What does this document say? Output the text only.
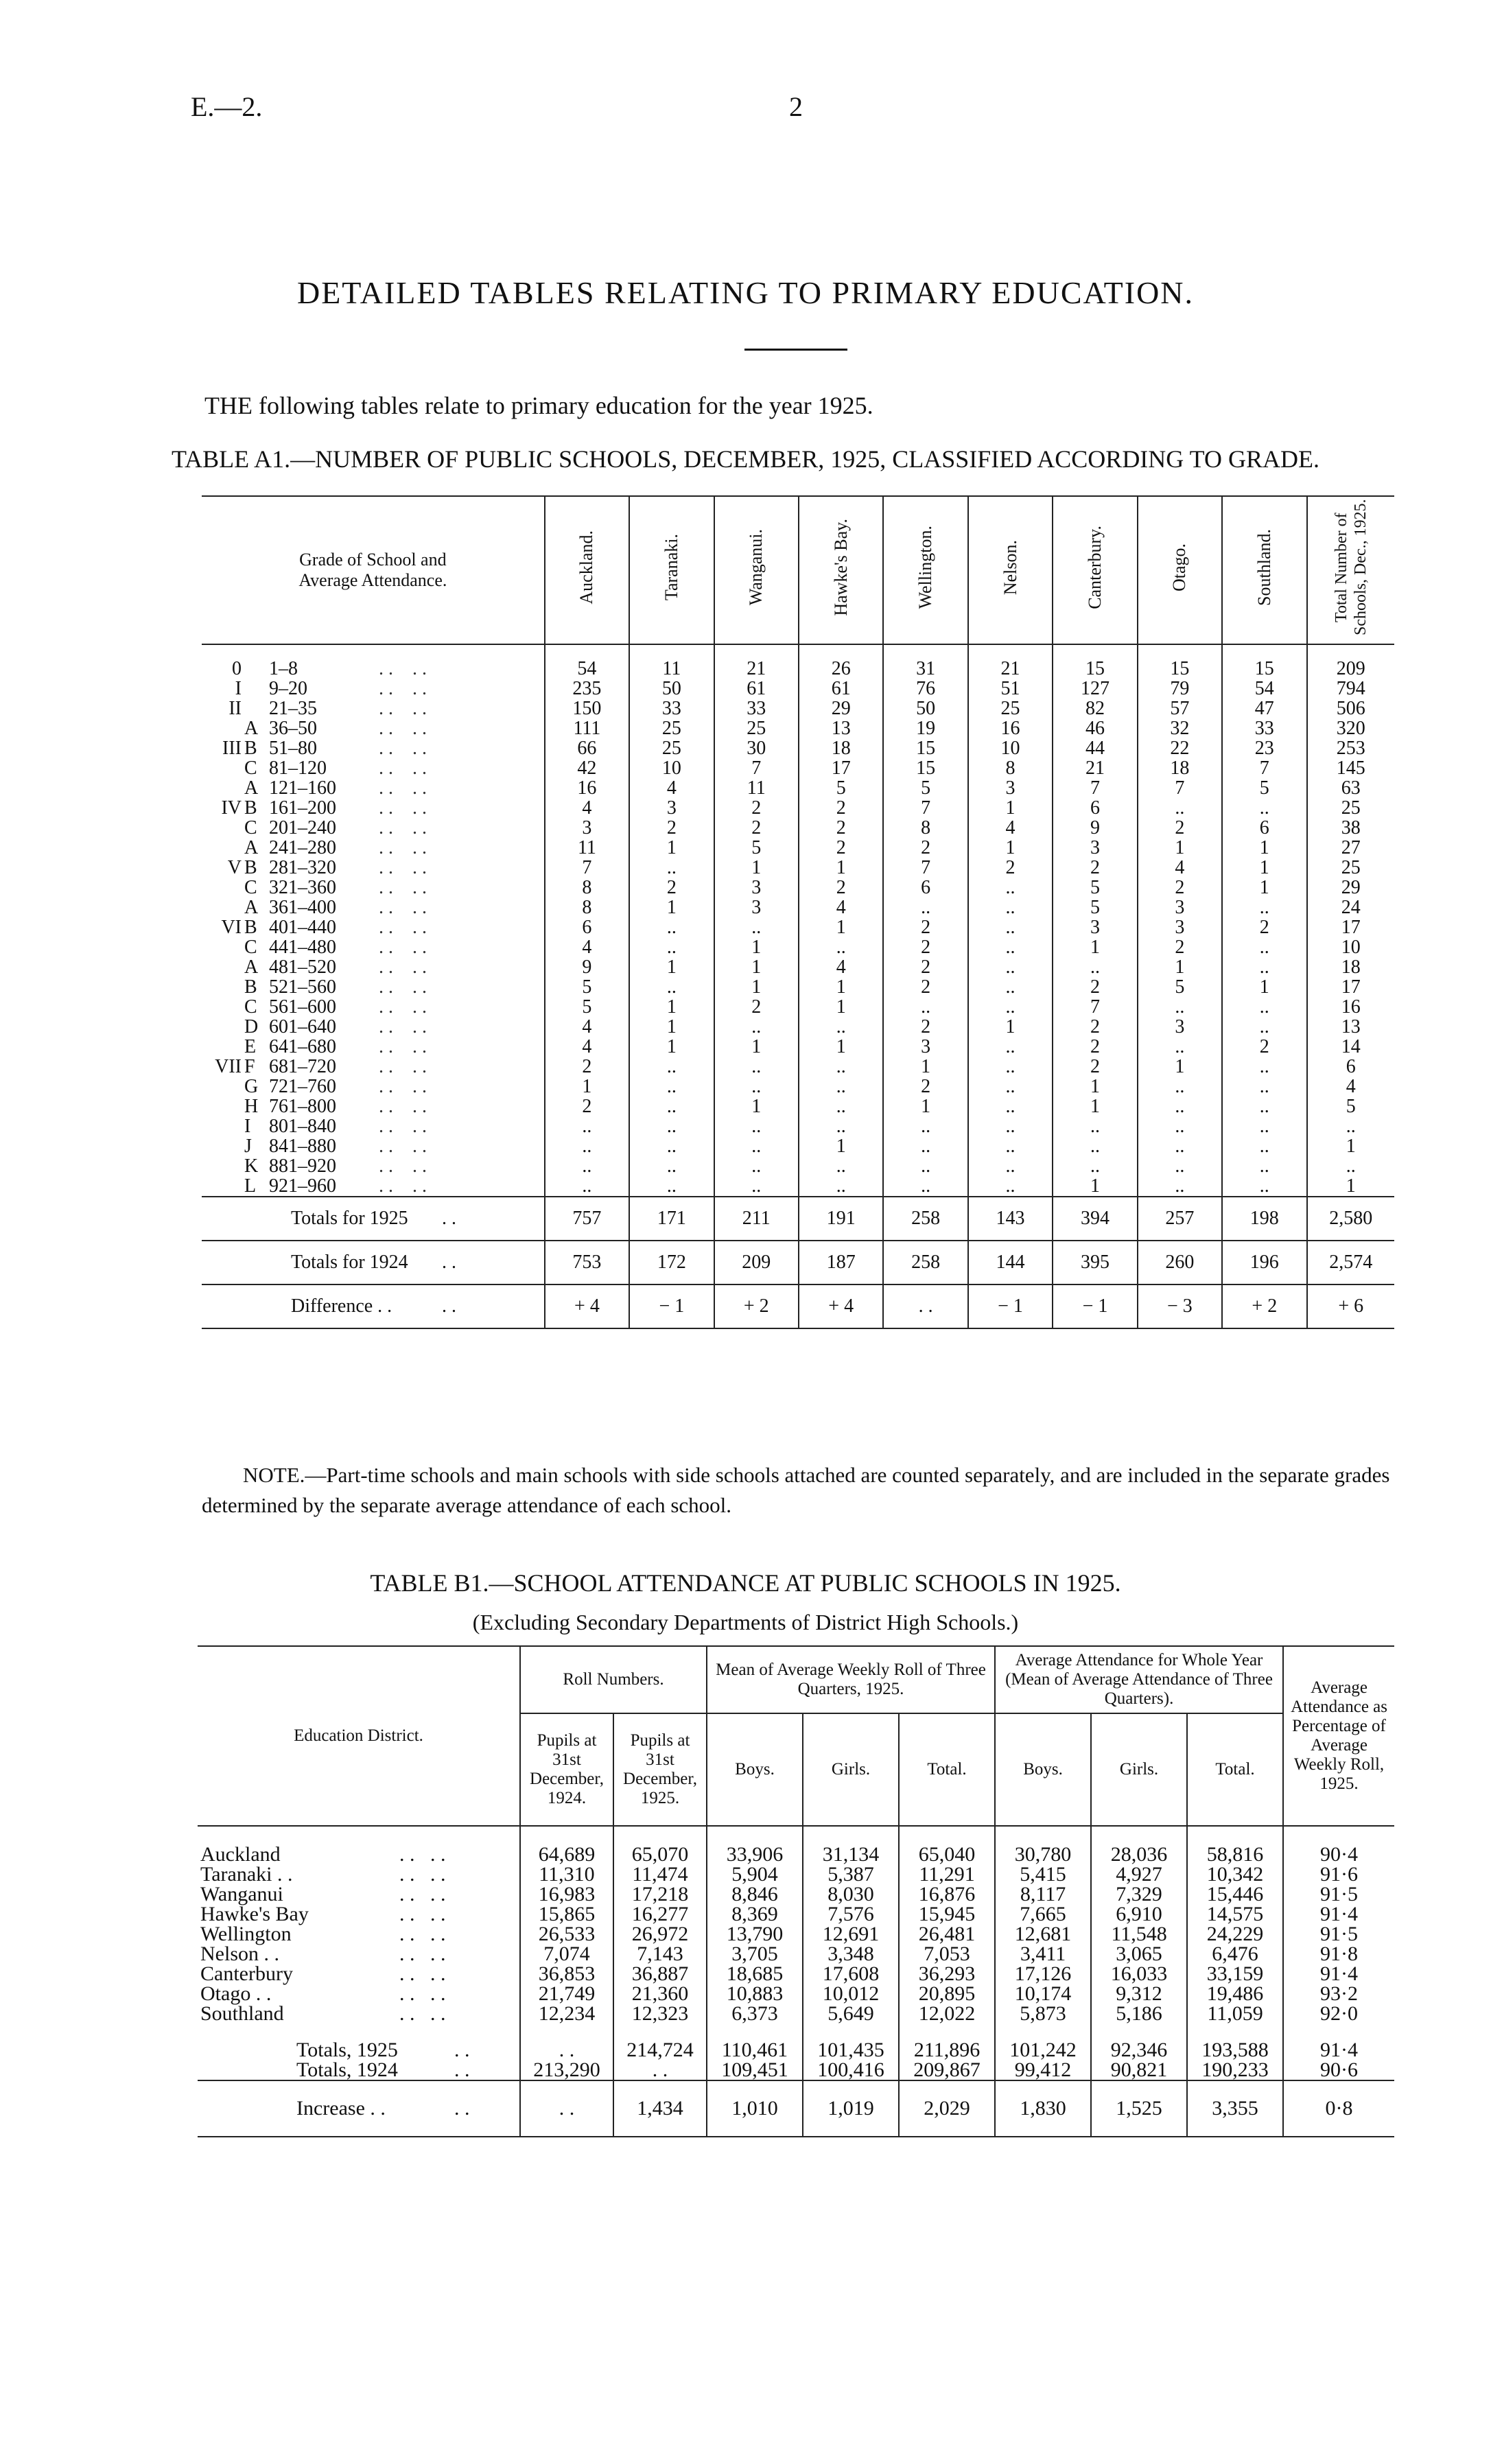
E.—2.	2
DETAILED TABLES RELATING TO PRIMARY EDUCATION.
THE following tables relate to primary education for the year 1925.
TABLE A1.—NUMBER OF PUBLIC SCHOOLS, DECEMBER, 1925, CLASSIFIED ACCORDING TO GRADE.
Grade of School and Average Attendance.	Auckland.	Taranaki.	Wanganui.	Hawke's Bay.	Wellington.	Nelson.	Canterbury.	Otago.	Southland.	Total Number of Schools, Dec., 1925.
0 1–8 . .    . .	54	11	21	26	31	21	15	15	15	209
I 9–20 . .    . .	235	50	61	61	76	51	127	79	54	794
II 21–35 . .    . .	150	33	33	29	50	25	82	57	47	506
A 36–50 . .    . .	111	25	25	13	19	16	46	32	33	320
III B 51–80 . .    . .	66	25	30	18	15	10	44	22	23	253
C 81–120 . .    . .	42	10	7	17	15	8	21	18	7	145
A 121–160 . .    . .	16	4	11	5	5	3	7	7	5	63
IV B 161–200 . .    . .	4	3	2	2	7	1	6	..	..	25
C 201–240 . .    . .	3	2	2	2	8	4	9	2	6	38
A 241–280 . .    . .	11	1	5	2	2	1	3	1	1	27
V B 281–320 . .    . .	7	..	1	1	7	2	2	4	1	25
C 321–360 . .    . .	8	2	3	2	6	..	5	2	1	29
A 361–400 . .    . .	8	1	3	4	..	..	5	3	..	24
VI B 401–440 . .    . .	6	..	..	1	2	..	3	3	2	17
C 441–480 . .    . .	4	..	1	..	2	..	1	2	..	10
A 481–520 . .    . .	9	1	1	4	2	..	..	1	..	18
B 521–560 . .    . .	5	..	1	1	2	..	2	5	1	17
C 561–600 . .    . .	5	1	2	1	..	..	7	..	..	16
D 601–640 . .    . .	4	1	..	..	2	1	2	3	..	13
E 641–680 . .    . .	4	1	1	1	3	..	2	..	2	14
VII F 681–720 . .    . .	2	..	..	..	1	..	2	1	..	6
G 721–760 . .    . .	1	..	..	..	2	..	1	..	..	4
H 761–800 . .    . .	2	..	1	..	1	..	1	..	..	5
I 801–840 . .    . .	..	..	..	..	..	..	..	..	..	..
J 841–880 . .    . .	..	..	..	1	..	..	..	..	..	1
K 881–920 . .    . .	..	..	..	..	..	..	..	..	..	..
L 921–960 . .    . .	..	..	..	..	..	..	1	..	..	1
Totals for 1925 . .	757	171	211	191	258	143	394	257	198	2,580
Totals for 1924 . .	753	172	209	187	258	144	395	260	196	2,574
Difference . . . .	+ 4	− 1	+ 2	+ 4	. .	− 1	− 1	− 3	+ 2	+ 6
NOTE.—Part-time schools and main schools with side schools attached are counted separately, and are included in the separate grades determined by the separate average attendance of each school.
TABLE B1.—SCHOOL ATTENDANCE AT PUBLIC SCHOOLS IN 1925.
(Excluding Secondary Departments of District High Schools.)
Education District.	Roll Numbers.		Mean of Average Weekly Roll of Three Quarters, 1925.			Average Attendance for Whole Year (Mean of Average Attendance of Three Quarters).			Average Attendance as Percentage of Average Weekly Roll, 1925.
	Pupils at 31st December, 1924.	Pupils at 31st December, 1925.	Boys.	Girls.	Total.	Boys.	Girls.	Total.	
Auckland . .   . .	64,689	65,070	33,906	31,134	65,040	30,780	28,036	58,816	90·4
Taranaki . . . .   . .	11,310	11,474	5,904	5,387	11,291	5,415	4,927	10,342	91·6
Wanganui . .   . .	16,983	17,218	8,846	8,030	16,876	8,117	7,329	15,446	91·5
Hawke's Bay . .   . .	15,865	16,277	8,369	7,576	15,945	7,665	6,910	14,575	91·4
Wellington . .   . .	26,533	26,972	13,790	12,691	26,481	12,681	11,548	24,229	91·5
Nelson . . . .   . .	7,074	7,143	3,705	3,348	7,053	3,411	3,065	6,476	91·8
Canterbury . .   . .	36,853	36,887	18,685	17,608	36,293	17,126	16,033	33,159	91·4
Otago . . . .   . .	21,749	21,360	10,883	10,012	20,895	10,174	9,312	19,486	93·2
Southland . .   . .	12,234	12,323	6,373	5,649	12,022	5,873	5,186	11,059	92·0
Totals, 1925 . .	. .	214,724	110,461	101,435	211,896	101,242	92,346	193,588	91·4
Totals, 1924 . .	213,290	. .	109,451	100,416	209,867	99,412	90,821	190,233	90·6
Increase . . . .	. .	1,434	1,010	1,019	2,029	1,830	1,525	3,355	0·8
